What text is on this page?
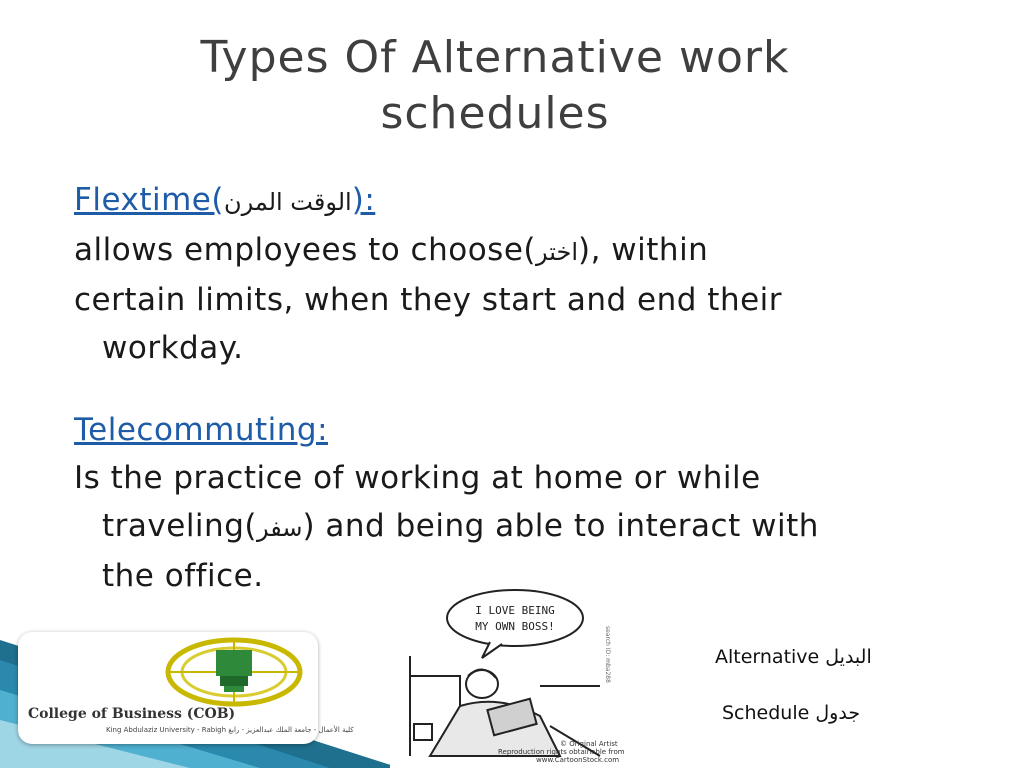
Types Of Alternative work
schedules
Flextime(الوقت المرن):
allows employees to choose(اختر), within
certain limits, when they start and end their
workday.
Telecommuting:
Is the practice of working at home or while
traveling(سفر) and being able to interact with
the office.
College of Business (COB)
King Abdulaziz University - Rabigh كلية الأعمال - جامعة الملك عبدالعزيز - رابغ
I LOVE BEING
MY OWN BOSS!	search ID: mba288
© Original Artist
Reproduction rights obtainable from
www.CartoonStock.com
Alternative البديل
Schedule جدول
